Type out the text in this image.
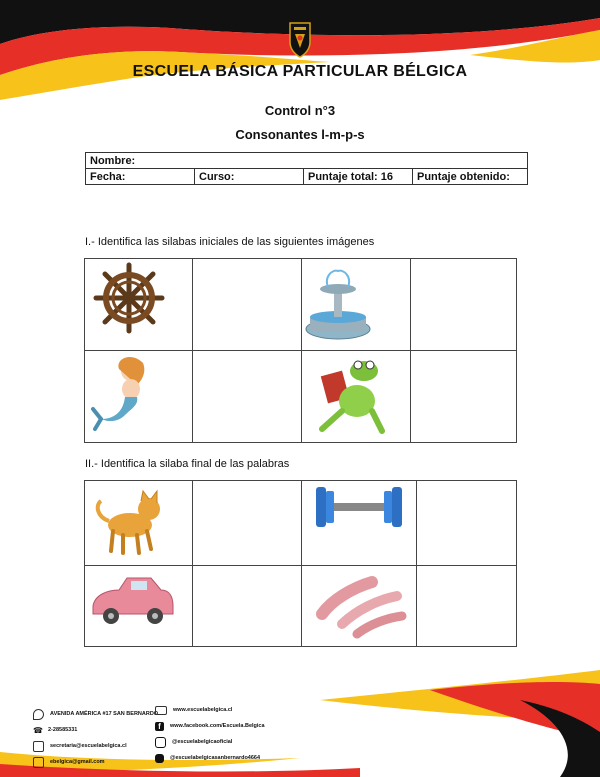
ESCUELA BÁSICA PARTICULAR BÉLGICA
Control n°3
Consonantes l-m-p-s
Nombre:
Fecha:	Curso:	Puntaje total: 16	Puntaje obtenido:
I.- Identifica las silabas iniciales de las siguientes imágenes

II.- Identifica la silaba final de las palabras

AVENIDA AMÉRICA #17 SAN BERNARDO
☎ 2-28585331
secretaria@escuelabelgica.cl
ebelgica@gmail.com
www.escuelabelgica.cl
f	www.facebook.com/Escuela.Belgica
@escuelabelgicaoficial
@escuelabelgicasanbernardo4664
